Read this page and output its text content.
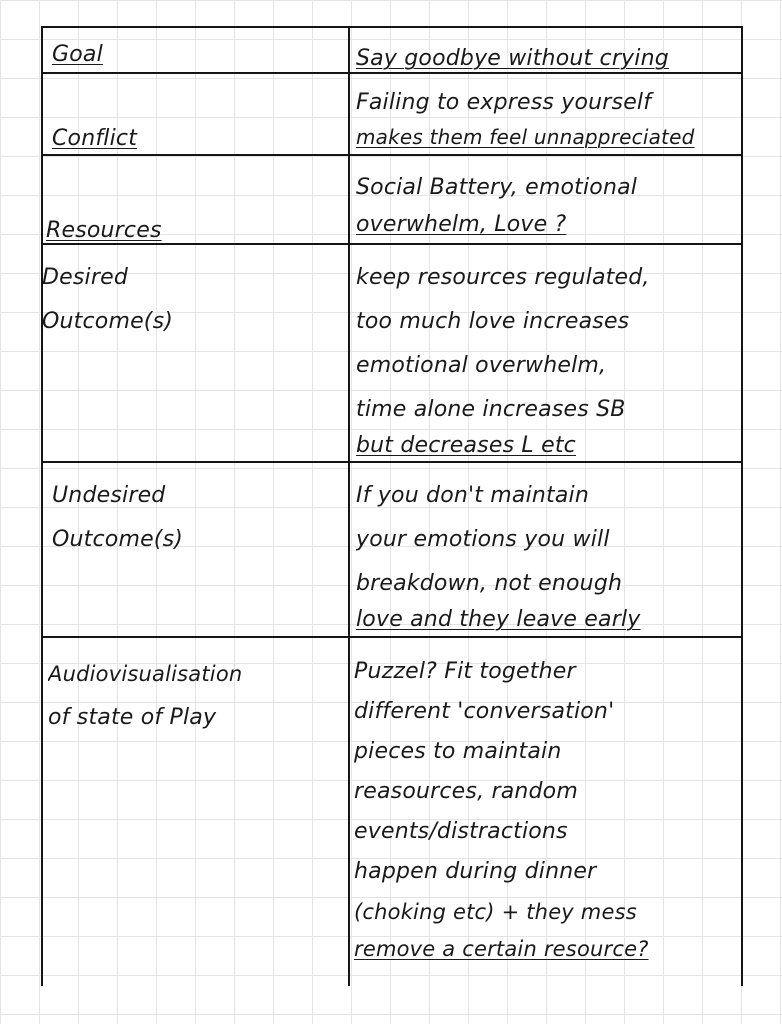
Goal	Say goodbye without crying
Conflict
Failing to express yourself
makes them feel unnappreciated
Resources
Social Battery, emotional
overwhelm, Love ?
Desired
Outcome(s)
keep resources regulated,
too much love increases
emotional overwhelm,
time alone increases SB
but decreases L etc
Undesired
Outcome(s)
If you don't maintain
your emotions you will
breakdown, not enough
love and they leave early
Audiovisualisation
of state of Play
Puzzel? Fit together
different 'conversation'
pieces to maintain
reasources, random
events/distractions
happen during dinner
(choking etc) + they mess
remove a certain resource?
